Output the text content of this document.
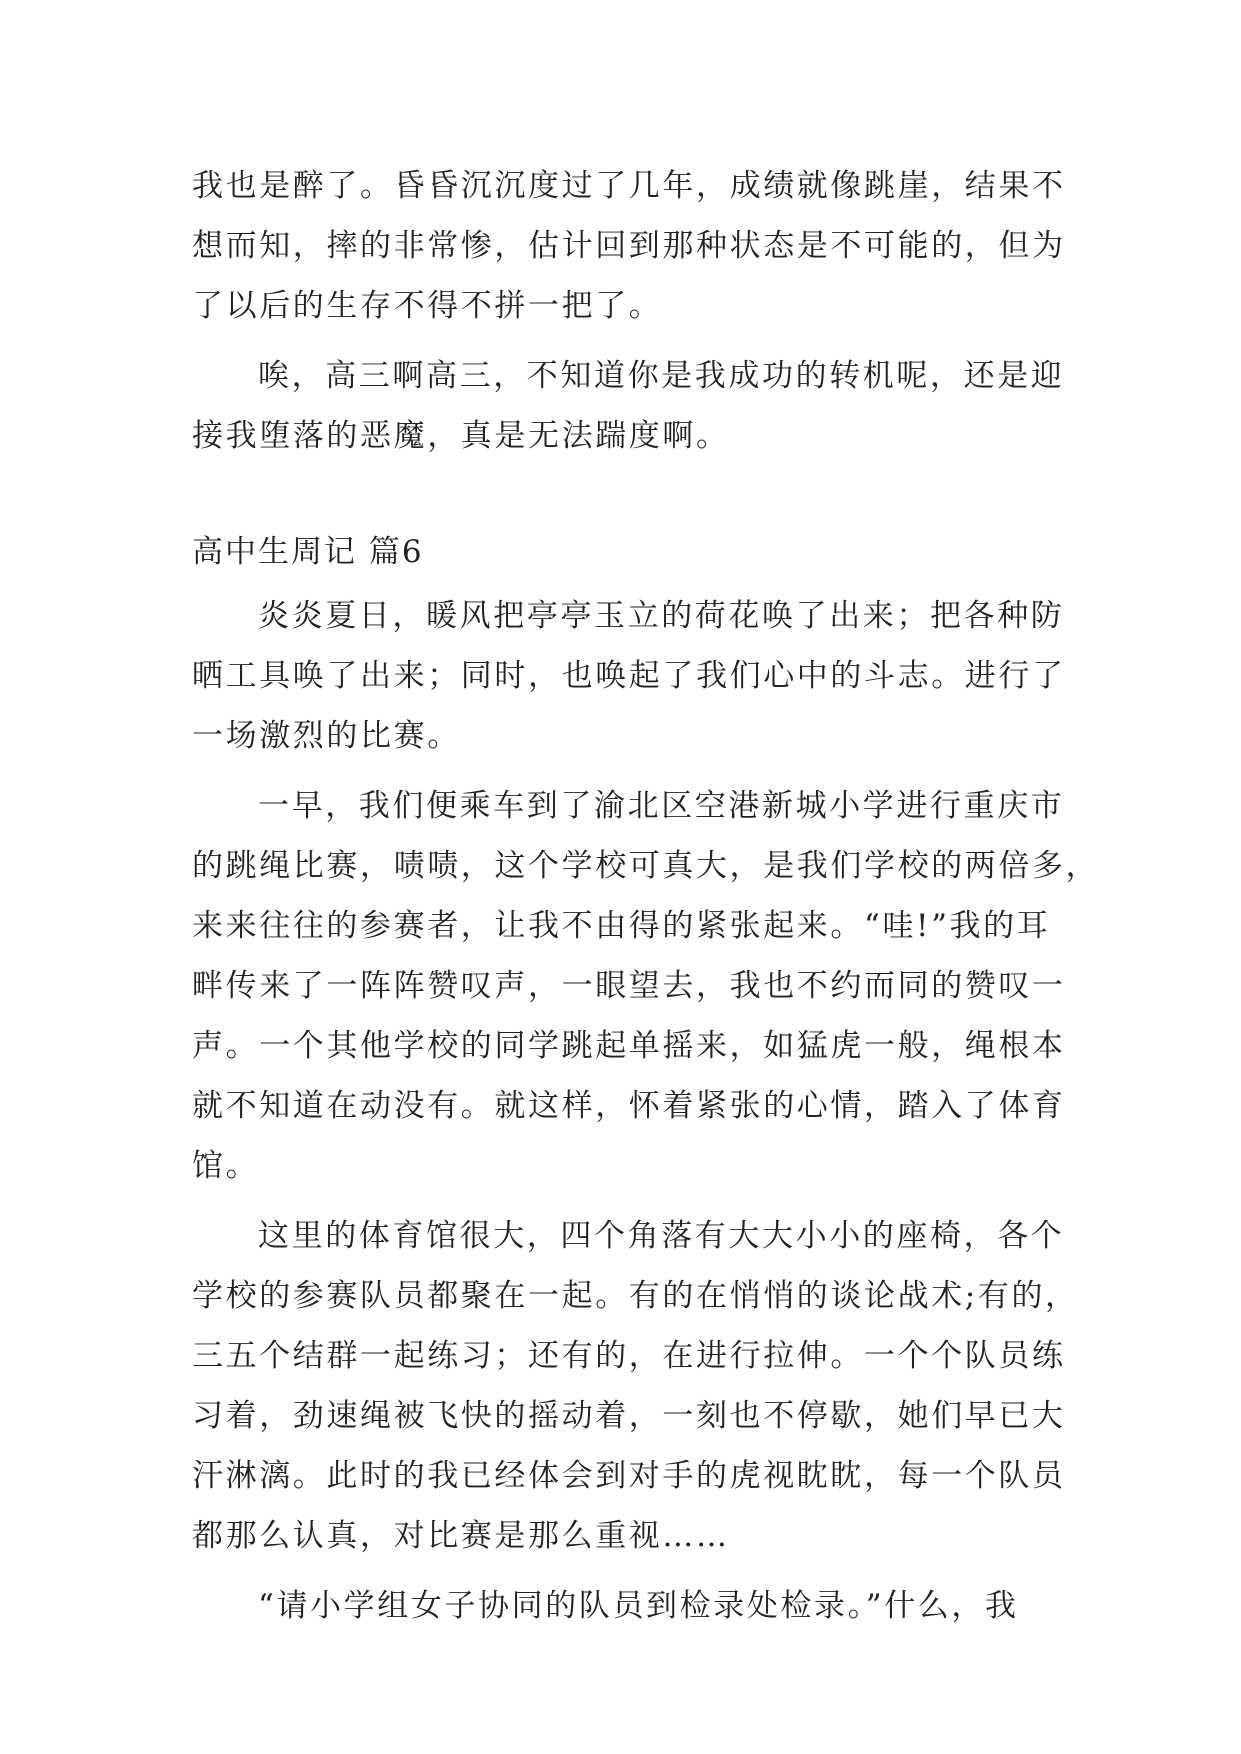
我也是醉了。昏昏沉沉度过了几年，成绩就像跳崖，结果不
想而知，摔的非常惨，估计回到那种状态是不可能的，但为
了以后的生存不得不拼一把了。
唉，高三啊高三，不知道你是我成功的转机呢，还是迎
接我堕落的恶魔，真是无法踹度啊。
高中生周记 篇6
炎炎夏日，暖风把亭亭玉立的荷花唤了出来；把各种防
晒工具唤了出来；同时，也唤起了我们心中的斗志。进行了
一场激烈的比赛。
一早，我们便乘车到了渝北区空港新城小学进行重庆市
的跳绳比赛，啧啧，这个学校可真大，是我们学校的两倍多，
来来往往的参赛者，让我不由得的紧张起来。“哇!”我的耳
畔传来了一阵阵赞叹声，一眼望去，我也不约而同的赞叹一
声。一个其他学校的同学跳起单摇来，如猛虎一般，绳根本
就不知道在动没有。就这样，怀着紧张的心情，踏入了体育
馆。
这里的体育馆很大，四个角落有大大小小的座椅，各个
学校的参赛队员都聚在一起。有的在悄悄的谈论战术;有的，
三五个结群一起练习；还有的，在进行拉伸。一个个队员练
习着，劲速绳被飞快的摇动着，一刻也不停歇，她们早已大
汗淋漓。此时的我已经体会到对手的虎视眈眈，每一个队员
都那么认真，对比赛是那么重视……
“请小学组女子协同的队员到检录处检录。”什么，我
